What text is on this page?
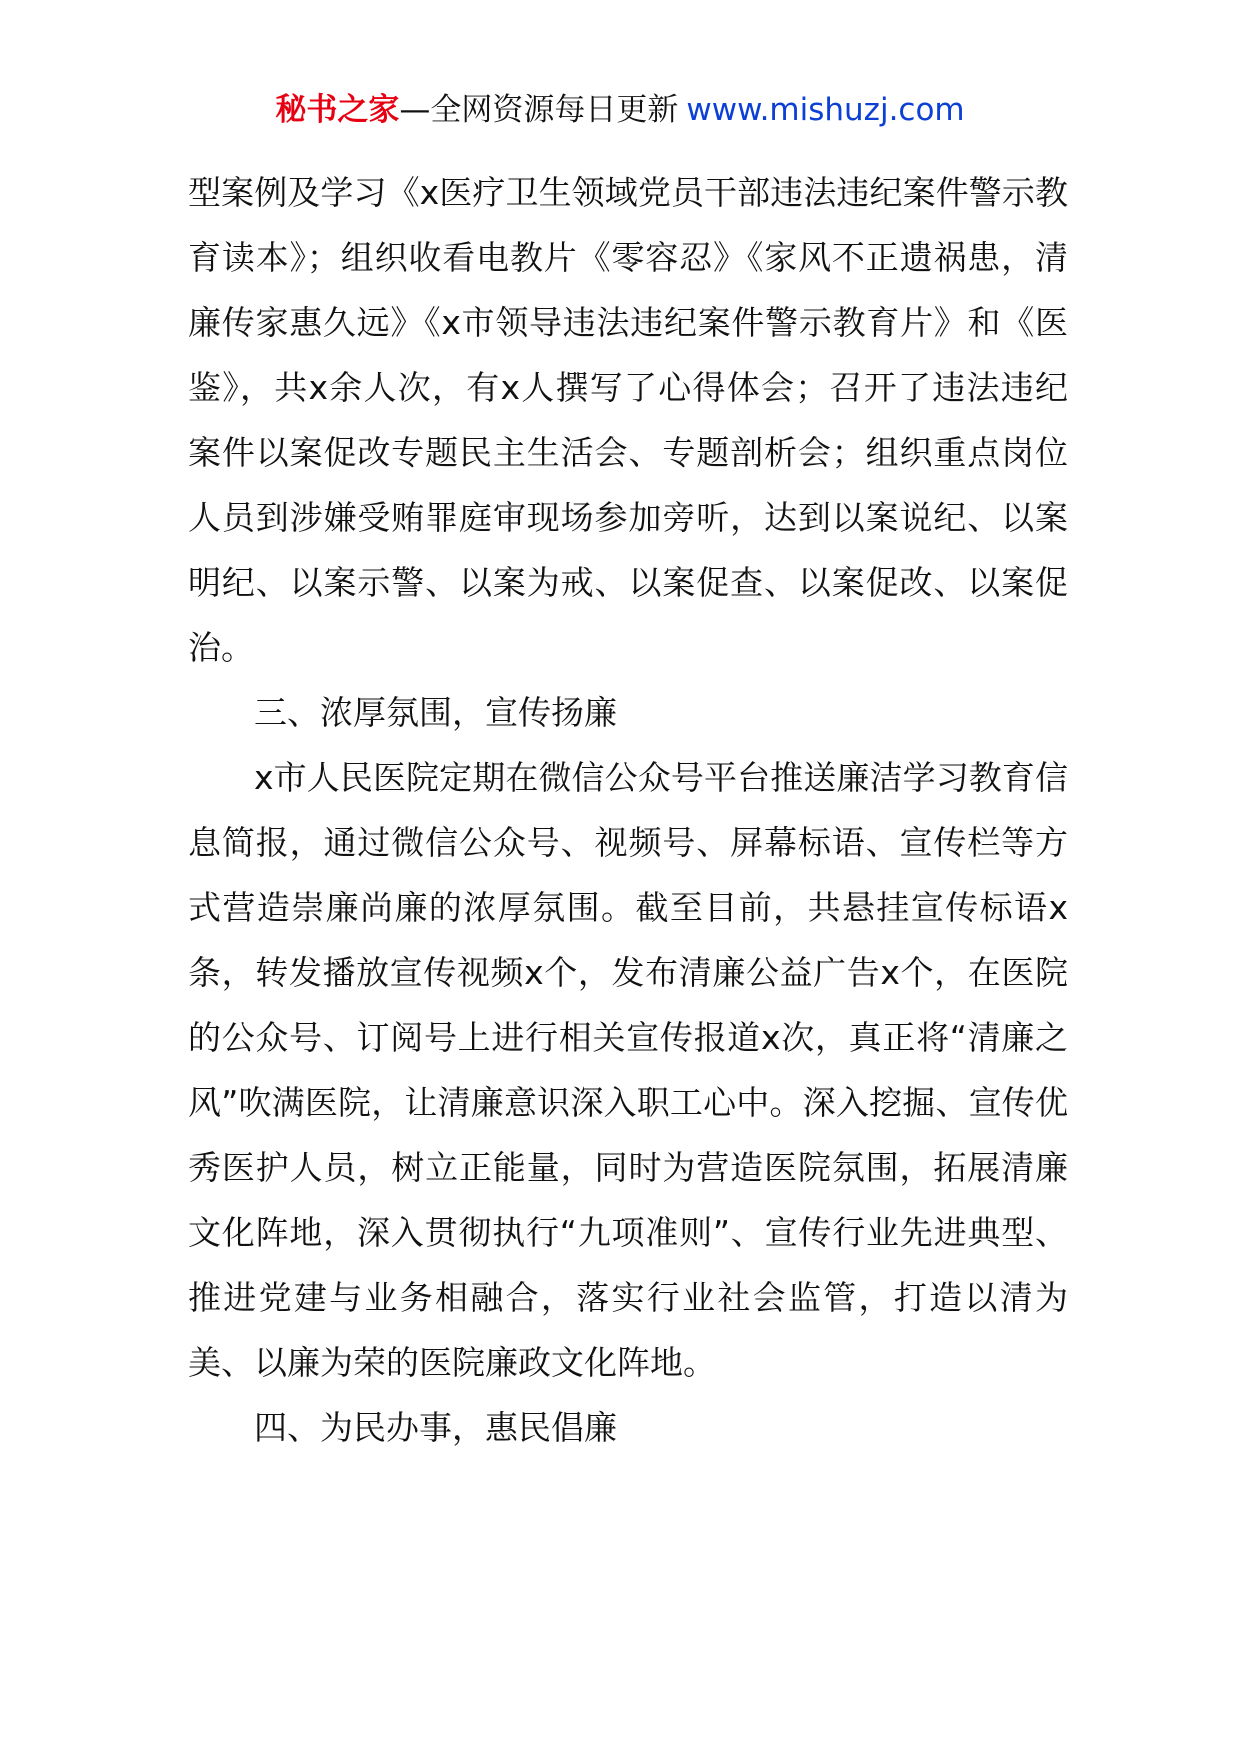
秘书之家—全网资源每日更新 www.mishuzj.com

型案例及学习《x医疗卫生领域党员干部违法违纪案件警示教育读本》；组织收看电教片《零容忍》《家风不正遗祸患，清廉传家惠久远》《x市领导违法违纪案件警示教育片》和《医鉴》，共x余人次，有x人撰写了心得体会；召开了违法违纪案件以案促改专题民主生活会、专题剖析会；组织重点岗位人员到涉嫌受贿罪庭审现场参加旁听，达到以案说纪、以案明纪、以案示警、以案为戒、以案促查、以案促改、以案促治。

三、浓厚氛围，宣传扬廉

x市人民医院定期在微信公众号平台推送廉洁学习教育信息简报，通过微信公众号、视频号、屏幕标语、宣传栏等方式营造崇廉尚廉的浓厚氛围。截至目前，共悬挂宣传标语x条，转发播放宣传视频x个，发布清廉公益广告x个，在医院的公众号、订阅号上进行相关宣传报道x次，真正将“清廉之风”吹满医院，让清廉意识深入职工心中。深入挖掘、宣传优秀医护人员，树立正能量，同时为营造医院氛围，拓展清廉文化阵地，深入贯彻执行“九项准则”、宣传行业先进典型、推进党建与业务相融合，落实行业社会监管，打造以清为美、以廉为荣的医院廉政文化阵地。

四、为民办事，惠民倡廉
